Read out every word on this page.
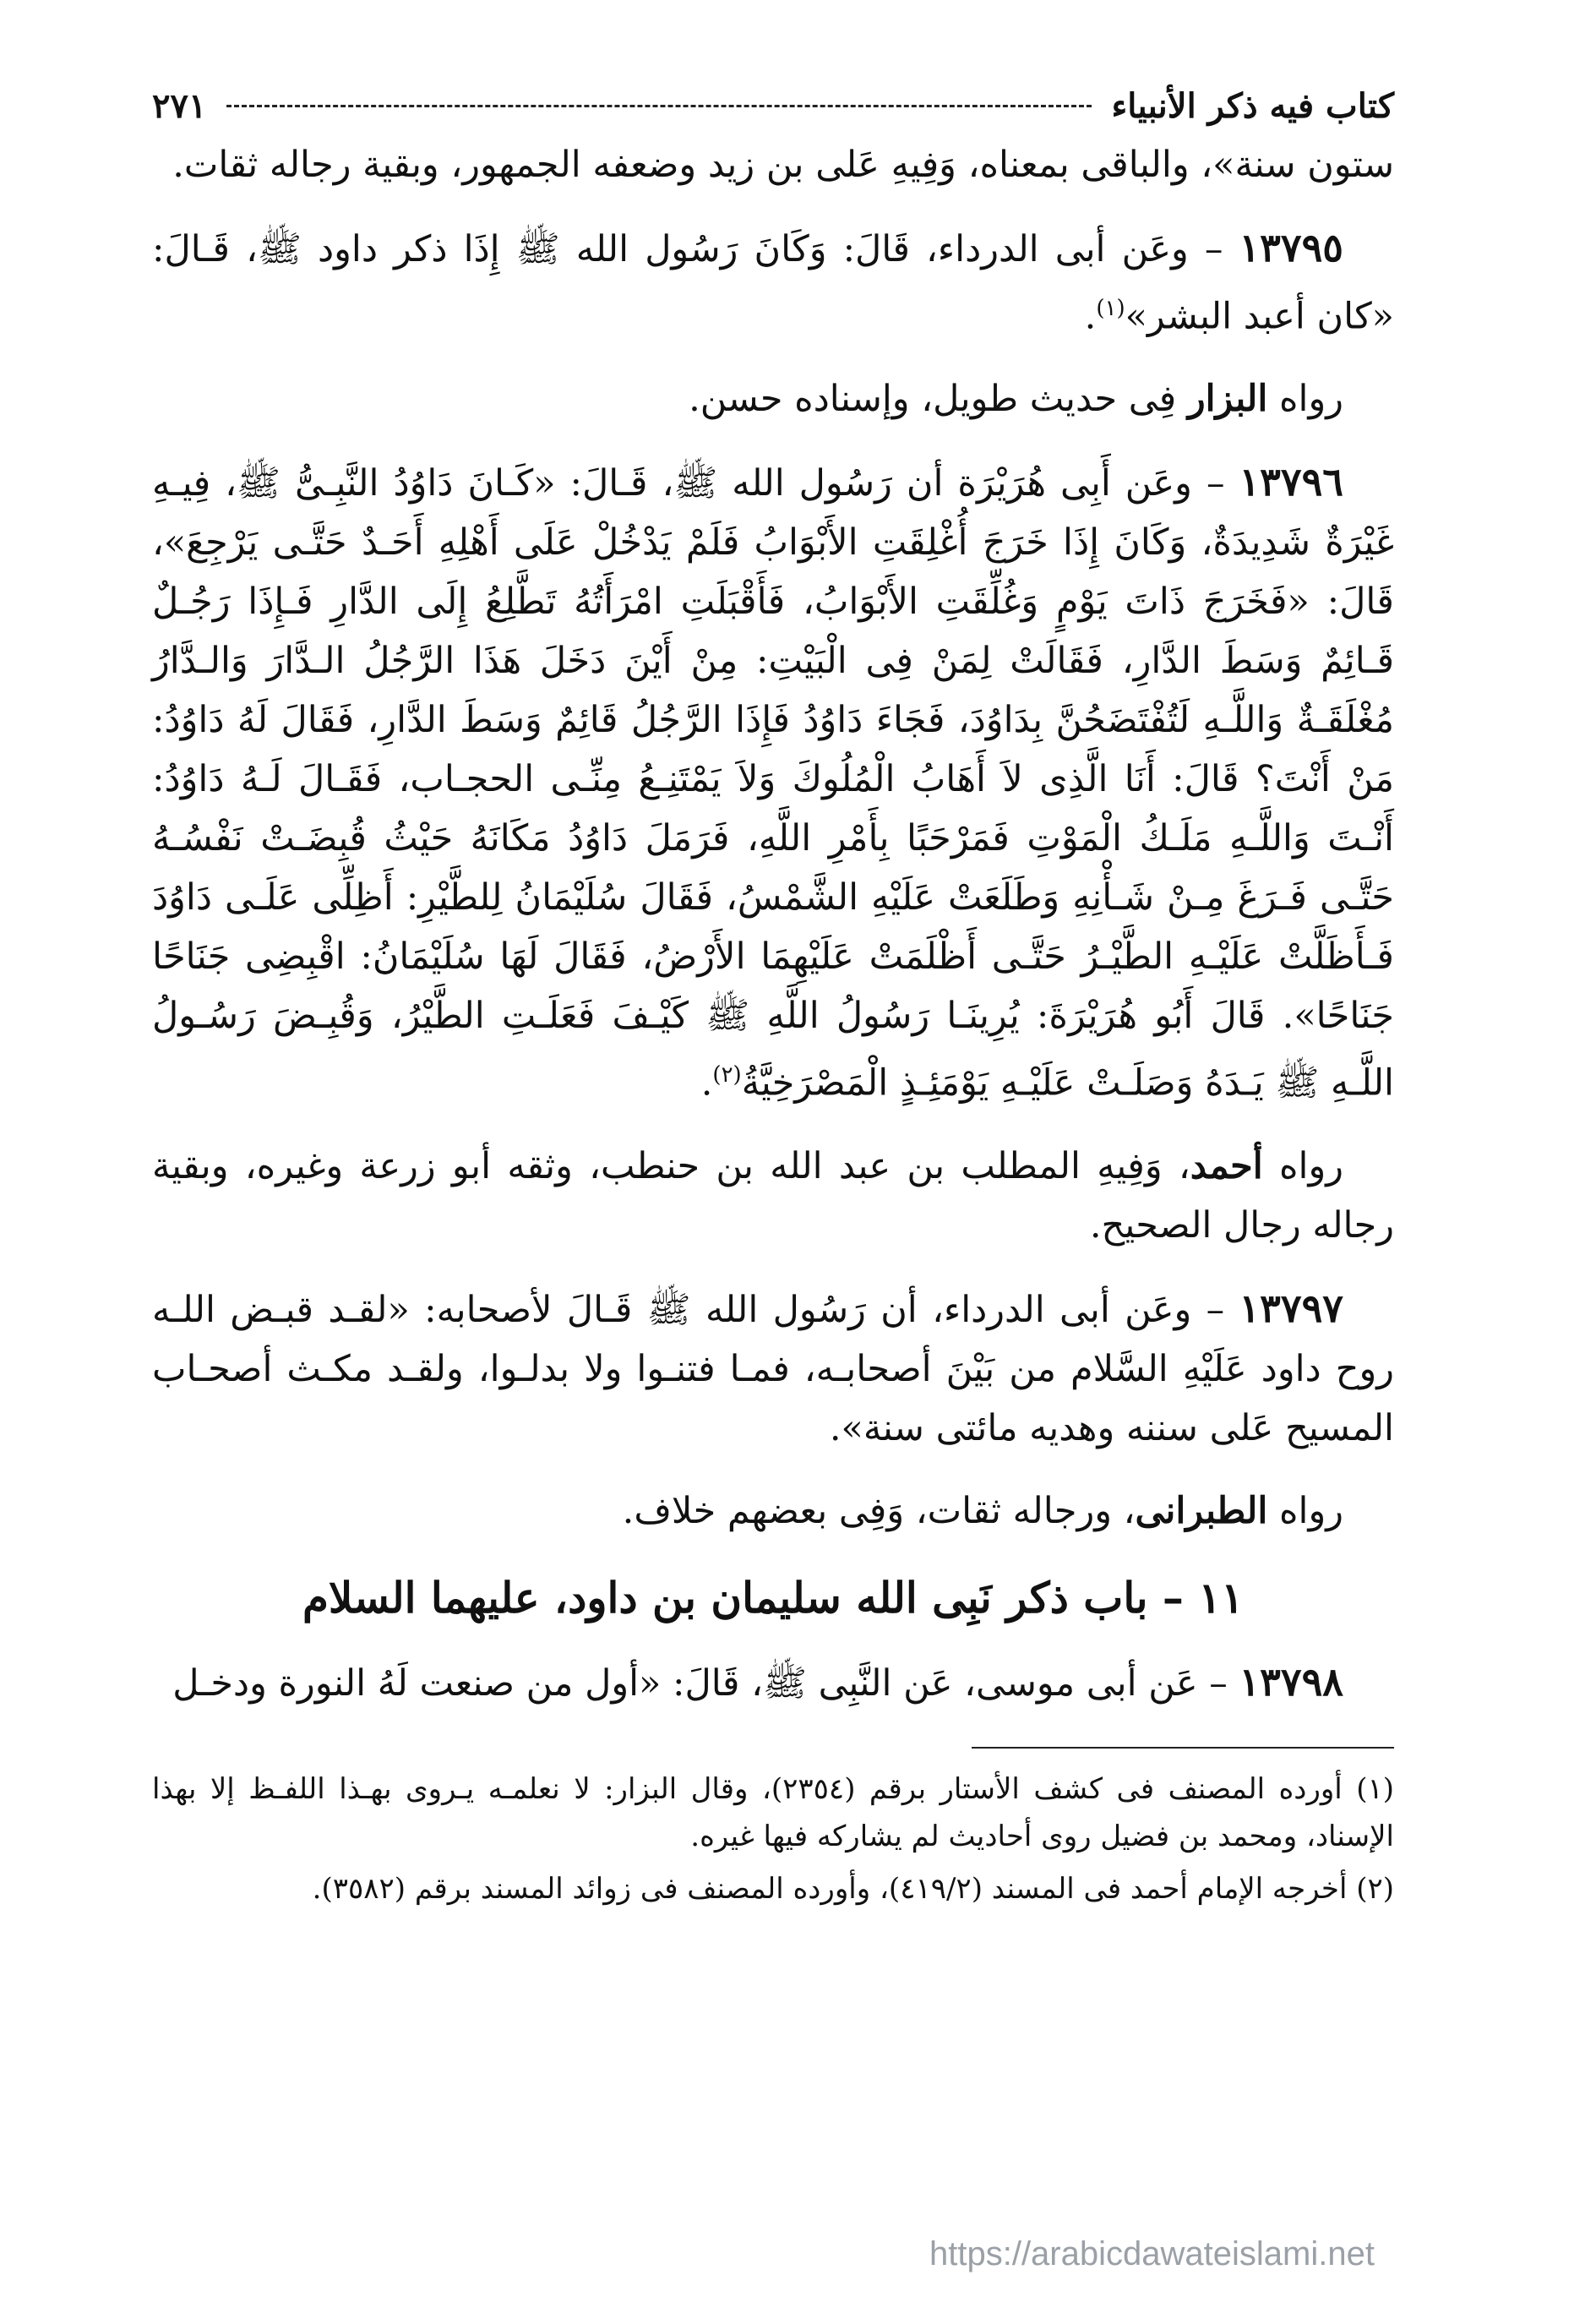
كتاب فيه ذكر الأنبياء
٢٧١

ستون سنة»، والباقى بمعناه، وَفِيهِ عَلى بن زيد وضعفه الجمهور، وبقية رجاله ثقات.

١٣٧٩٥ – وعَن أبى الدرداء، قَالَ: وَكَانَ رَسُول الله ﷺ إِذَا ذكر داود ﷺ، قَـالَ: «كان أعبد البشر»$^{(١)}$.

رواه البزار فِى حديث طويل، وإسناده حسن.

١٣٧٩٦ – وعَن أَبِى هُرَيْرَة أن رَسُول الله ﷺ، قَـالَ: «كَـانَ دَاوُدُ النَّبِـىُّ ﷺ، فِيـهِ غَيْرَةٌ شَدِيدَةٌ، وَكَانَ إِذَا خَرَجَ أُغْلِقَتِ الأَبْوَابُ فَلَمْ يَدْخُلْ عَلَى أَهْلِهِ أَحَـدٌ حَتَّـى يَرْجِعَ»، قَالَ: «فَخَرَجَ ذَاتَ يَوْمٍ وَغُلِّقَتِ الأَبْوَابُ، فَأَقْبَلَتِ امْرَأَتُهُ تَطَّلِعُ إِلَى الدَّارِ فَـإِذَا رَجُـلٌ قَـائِمٌ وَسَطَ الدَّارِ، فَقَالَتْ لِمَنْ فِى الْبَيْتِ: مِنْ أَيْنَ دَخَلَ هَذَا الرَّجُلُ الـدَّارَ وَالـدَّارُ مُغْلَقَـةٌ وَاللَّـهِ لَتُفْتَضَحُنَّ بِدَاوُدَ، فَجَاءَ دَاوُدُ فَإِذَا الرَّجُلُ قَائِمٌ وَسَطَ الدَّارِ، فَقَالَ لَهُ دَاوُدُ: مَنْ أَنْتَ؟ قَالَ: أَنَا الَّذِى لاَ أَهَابُ الْمُلُوكَ وَلاَ يَمْتَنِـعُ مِنِّـى الحجـاب، فَقَـالَ لَـهُ دَاوُدُ: أَنْـتَ وَاللَّـهِ مَلَـكُ الْمَوْتِ فَمَرْحَبًا بِأَمْرِ اللَّهِ، فَرَمَلَ دَاوُدُ مَكَانَهُ حَيْثُ قُبِضَـتْ نَفْسُـهُ حَتَّـى فَـرَغَ مِـنْ شَـأْنِهِ وَطَلَعَتْ عَلَيْهِ الشَّمْسُ، فَقَالَ سُلَيْمَانُ لِلطَّيْرِ: أَظِلِّى عَلَـى دَاوُدَ فَـأَظَلَّتْ عَلَيْـهِ الطَّيْـرُ حَتَّـى أَظْلَمَتْ عَلَيْهِمَا الأَرْضُ، فَقَالَ لَهَا سُلَيْمَانُ: اقْبِضِى جَنَاحًا جَنَاحًا». قَالَ أَبُو هُرَيْرَةَ: يُرِينَـا رَسُولُ اللَّهِ ﷺ كَيْـفَ فَعَلَـتِ الطَّيْرُ، وَقُبِـضَ رَسُـولُ اللَّـهِ ﷺ يَـدَهُ وَصَلَـتْ عَلَيْـهِ يَوْمَئِـذٍ الْمَصْرَخِيَّةُ$^{(٢)}$.

رواه أحمد، وَفِيهِ المطلب بن عبد الله بن حنطب، وثقه أبو زرعة وغيره، وبقية رجاله رجال الصحيح.

١٣٧٩٧ – وعَن أبى الدرداء، أن رَسُول الله ﷺ قَـالَ لأصحابه: «لقـد قبـض اللـه روح داود عَلَيْهِ السَّلام من بَيْنَ أصحابـه، فمـا فتنـوا ولا بدلـوا، ولقـد مكـث أصحـاب المسيح عَلى سننه وهديه مائتى سنة».

رواه الطبرانى، ورجاله ثقات، وَفِى بعضهم خلاف.

١١ – باب ذكر نَبِى الله سليمان بن داود، عليهما السلام

١٣٧٩٨ – عَن أبى موسى، عَن النَّبِى ﷺ، قَالَ: «أول من صنعت لَهُ النورة ودخـل

(١) أورده المصنف فى كشف الأستار برقم (٢٣٥٤)، وقال البزار: لا نعلمـه يـروى بهـذا اللفـظ إلا بهذا الإسناد، ومحمد بن فضيل روى أحاديث لم يشاركه فيها غيره.

(٢) أخرجه الإمام أحمد فى المسند (٤١٩/٢)، وأورده المصنف فى زوائد المسند برقم (٣٥٨٢).

https://arabicdawateislami.net
